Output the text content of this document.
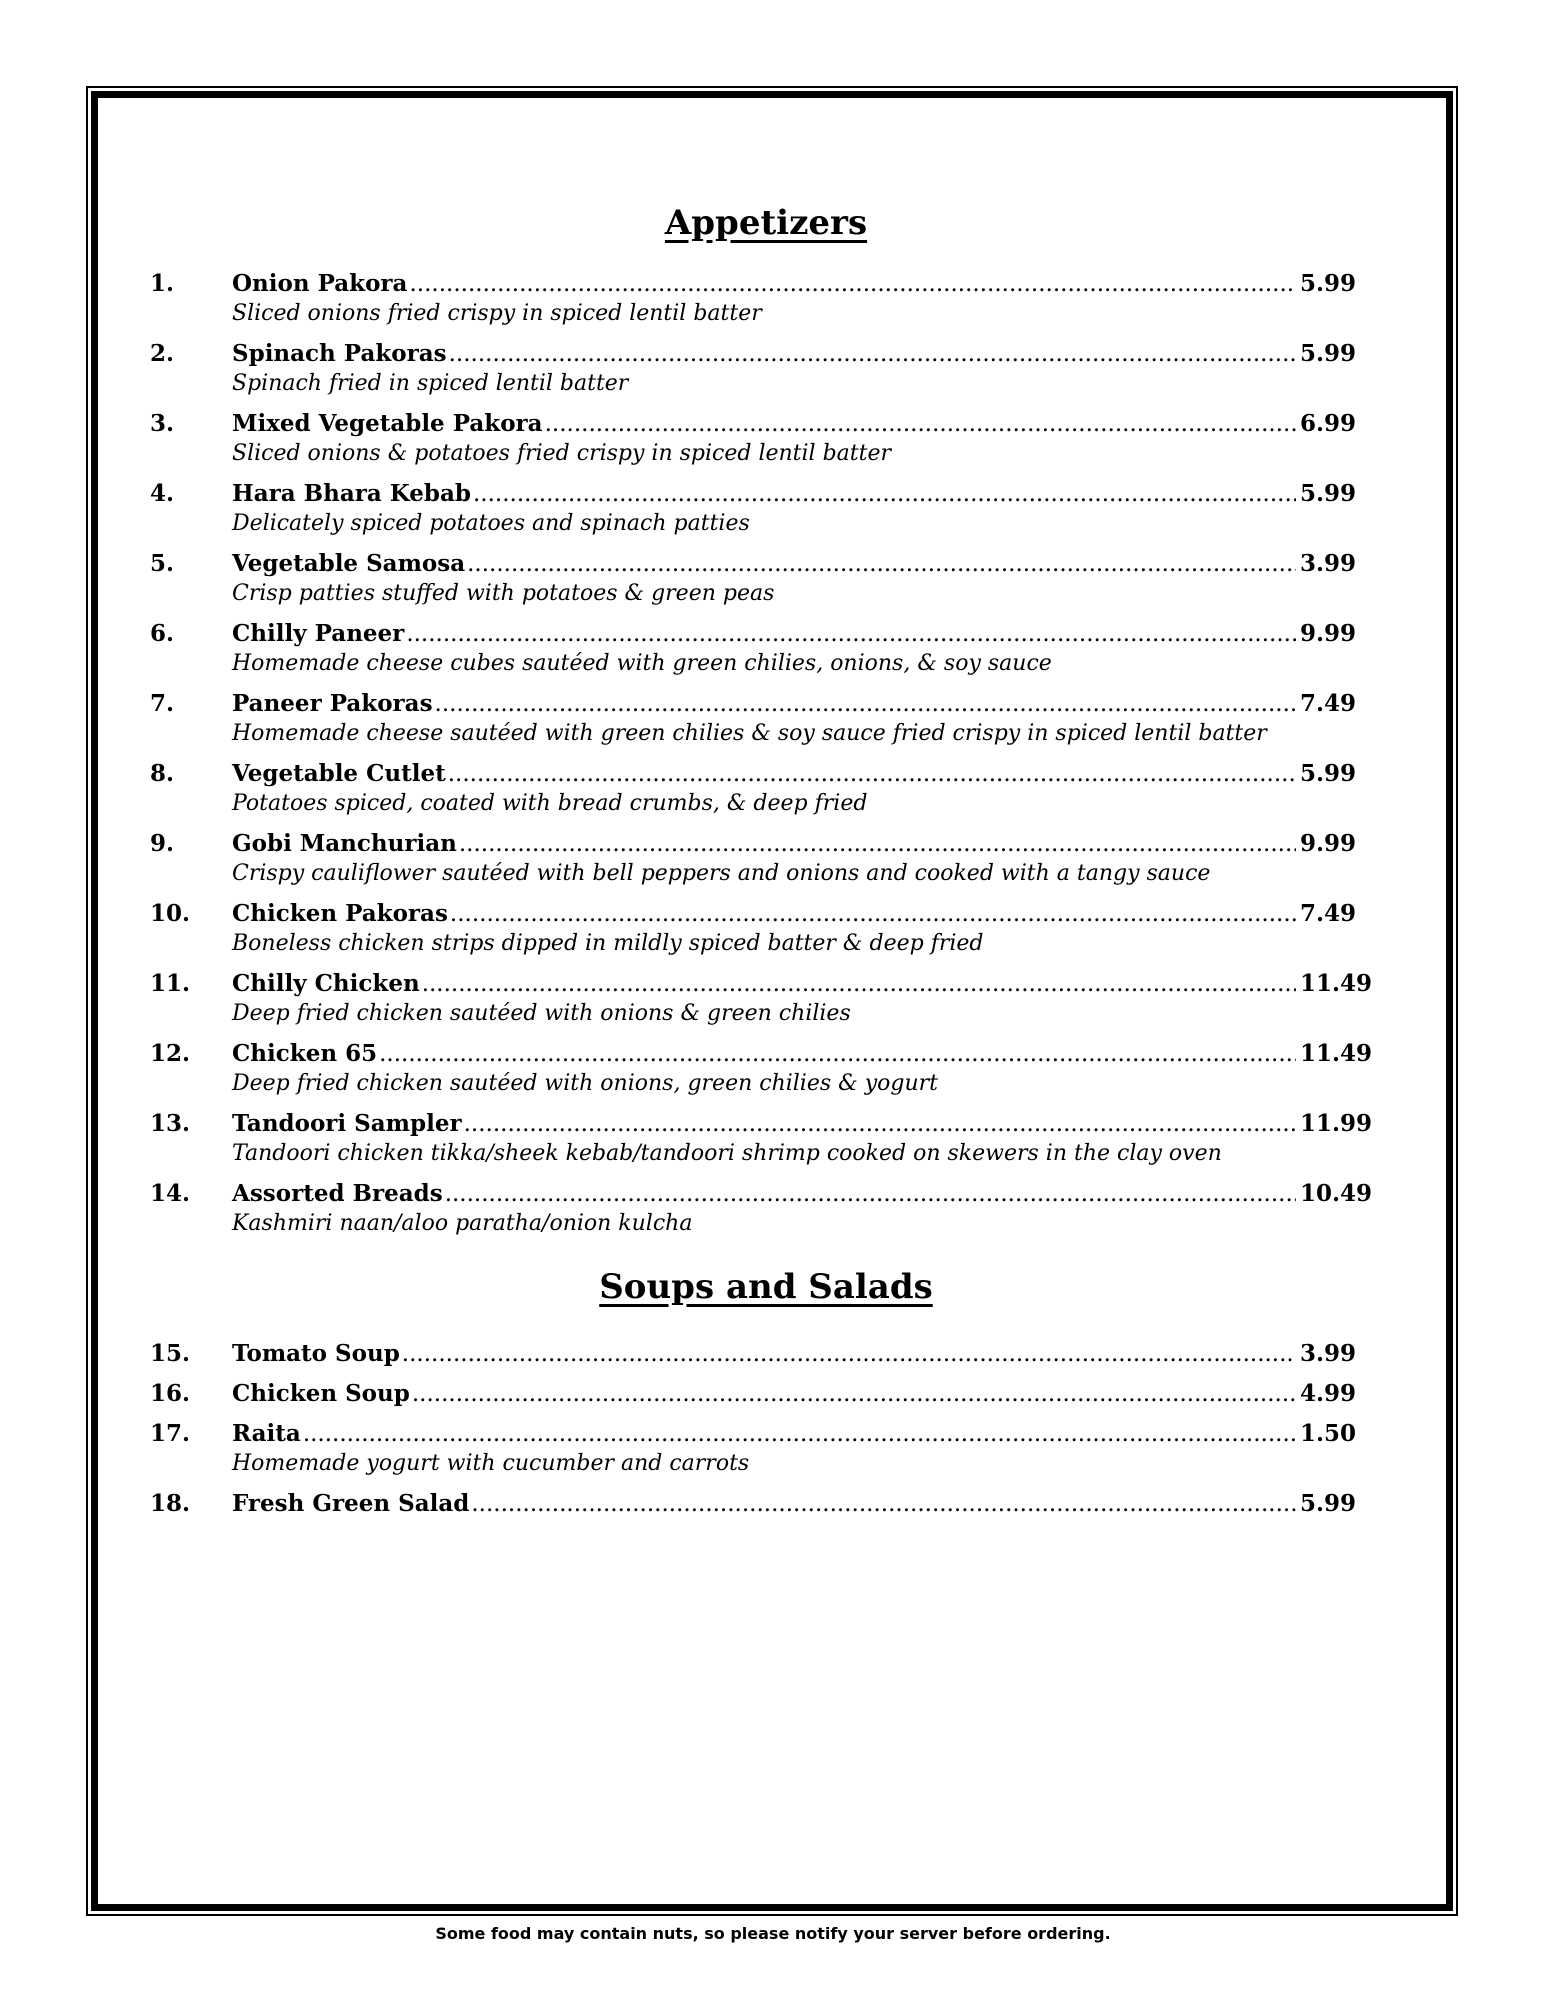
Appetizers
1.	Onion Pakora .....	5.99
Sliced onions fried crispy in spiced lentil batter
2.	Spinach Pakoras .....	5.99
Spinach fried in spiced lentil batter
3.	Mixed Vegetable Pakora .....	6.99
Sliced onions & potatoes fried crispy in spiced lentil batter
4.	Hara Bhara Kebab .....	5.99
Delicately spiced potatoes and spinach patties
5.	Vegetable Samosa .....	3.99
Crisp patties stuffed with potatoes & green peas
6.	Chilly Paneer .....	9.99
Homemade cheese cubes sautéed with green chilies, onions, & soy sauce
7.	Paneer Pakoras .....	7.49
Homemade cheese sautéed with green chilies & soy sauce fried crispy in spiced lentil batter
8.	Vegetable Cutlet .....	5.99
Potatoes spiced, coated with bread crumbs, & deep fried
9.	Gobi Manchurian .....	9.99
Crispy cauliflower sautéed with bell peppers and onions and cooked with a tangy sauce
10.	Chicken Pakoras .....	7.49
Boneless chicken strips dipped in mildly spiced batter & deep fried
11.	Chilly Chicken .....	11.49
Deep fried chicken sautéed with onions & green chilies
12.	Chicken 65 .....	11.49
Deep fried chicken sautéed with onions, green chilies & yogurt
13.	Tandoori Sampler .....	11.99
Tandoori chicken tikka/sheek kebab/tandoori shrimp cooked on skewers in the clay oven
14.	Assorted Breads .....	10.49
Kashmiri naan/aloo paratha/onion kulcha
Soups and Salads
15.	Tomato Soup .....	3.99
16.	Chicken Soup .....	4.99
17.	Raita .....	1.50
Homemade yogurt with cucumber and carrots
18.	Fresh Green Salad .....	5.99
Some food may contain nuts, so please notify your server before ordering.
